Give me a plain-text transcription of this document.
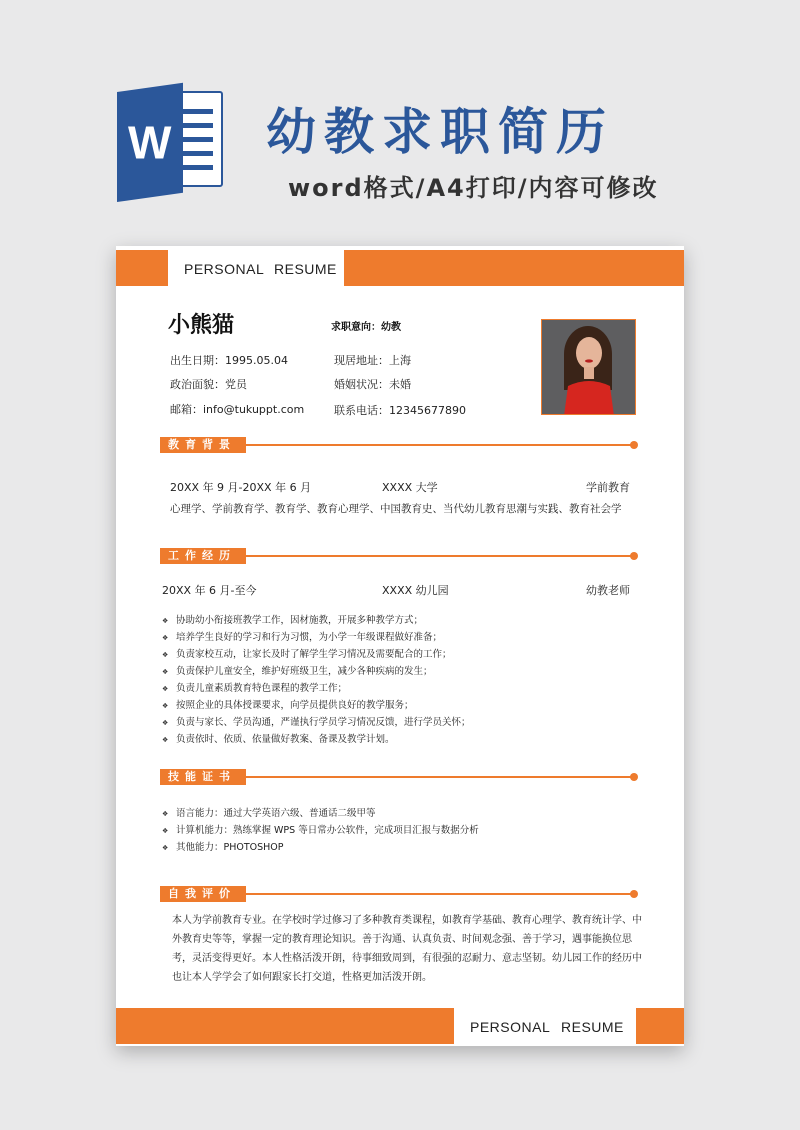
W 幼教求职简历
word格式/A4打印/内容可修改
PERSONAL RESUME
小熊猫	求职意向：幼教
出生日期：1995.05.04	现居地址：上海
政治面貌：党员	婚姻状况：未婚
邮箱：info@tukuppt.com	联系电话：12345677890
教育背景
20XX 年 9 月-20XX 年 6 月	XXXX 大学	学前教育
心理学、学前教育学、教育学、教育心理学、中国教育史、当代幼儿教育思潮与实践、教育社会学
工作经历
20XX 年 6 月-至今	XXXX 幼儿园	幼教老师
❖ 协助幼小衔接班教学工作，因材施教，开展多种教学方式；
❖ 培养学生良好的学习和行为习惯，为小学一年级课程做好准备；
❖ 负责家校互动，让家长及时了解学生学习情况及需要配合的工作；
❖ 负责保护儿童安全，维护好班级卫生，减少各种疾病的发生；
❖ 负责儿童素质教育特色课程的教学工作；
❖ 按照企业的具体授课要求，向学员提供良好的教学服务；
❖ 负责与家长、学员沟通，严谨执行学员学习情况反馈，进行学员关怀；
❖ 负责依时、依质、依量做好教案、备课及教学计划。
技能证书
❖ 语言能力：通过大学英语六级、普通话二级甲等
❖ 计算机能力：熟练掌握 WPS 等日常办公软件，完成项目汇报与数据分析
❖ 其他能力：PHOTOSHOP
自我评价
本人为学前教育专业。在学校时学过修习了多种教育类课程，如教育学基础、教育心理学、教育统计学、中外教育史等等，掌握一定的教育理论知识。善于沟通、认真负责、时间观念强、善于学习，遇事能换位思考，灵活变得更好。本人性格活泼开朗，待事细致周到，有很强的忍耐力、意志坚韧。幼儿园工作的经历中也让本人学学会了如何跟家长打交道，性格更加活泼开朗。
PERSONAL RESUME
